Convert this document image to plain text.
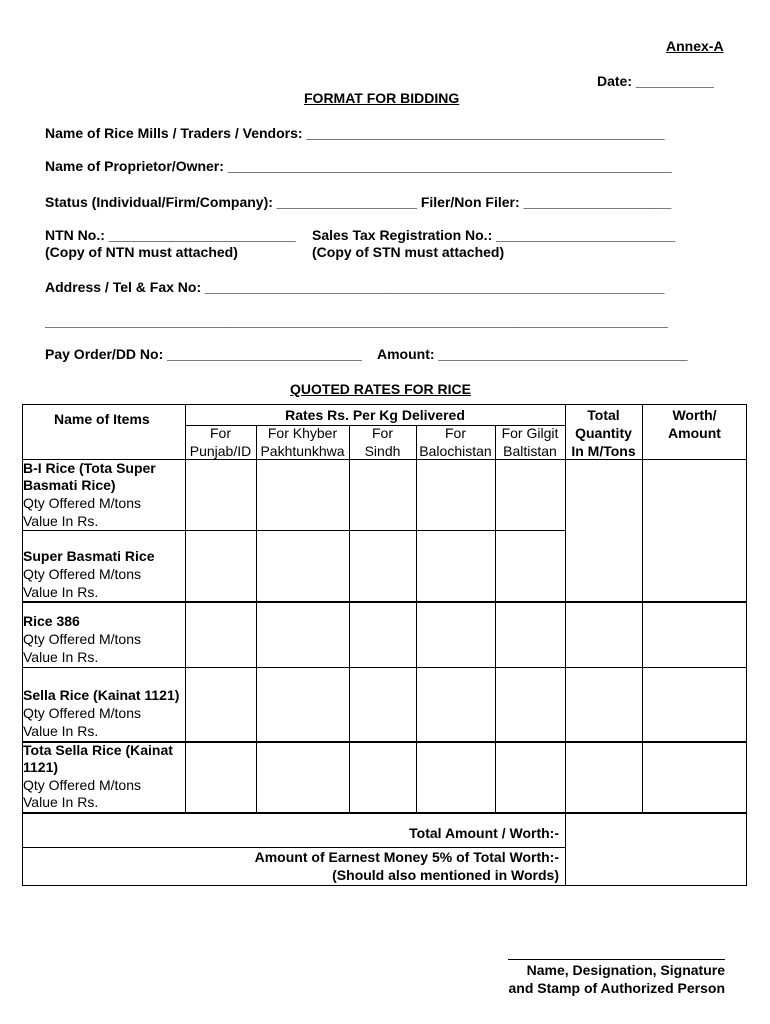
Annex-A
Date: __________
FORMAT FOR BIDDING
Name of Rice Mills / Traders / Vendors: ______________________________________________
Name of Proprietor/Owner: _________________________________________________________
Status (Individual/Firm/Company): __________________ Filer/Non Filer: ___________________
NTN No.: ________________________
(Copy of NTN must attached)
Sales Tax Registration No.: _______________________
(Copy of STN must attached)
Address / Tel & Fax No: ___________________________________________________________
________________________________________________________________________________
Pay Order/DD No: _________________________ Amount: ________________________________
QUOTED RATES FOR RICE
Name of Items	Rates Rs. Per Kg Delivered
For
Punjab/ID
For Khyber
Pakhtunkhwa
For
Sindh
For
Balochistan
For Gilgit
Baltistan
Total
Quantity
In M/Tons
Worth/
Amount
B-I Rice (Tota Super
Basmati Rice)
Qty Offered M/tons
Value In Rs.
Super Basmati Rice
Qty Offered M/tons
Value In Rs.
Rice 386
Qty Offered M/tons
Value In Rs.
Sella Rice (Kainat 1121)
Qty Offered M/tons
Value In Rs.
Tota Sella Rice (Kainat
1121)
Qty Offered M/tons
Value In Rs.
Total Amount / Worth:-
Amount of Earnest Money 5% of Total Worth:-
(Should also mentioned in Words)
Name, Designation, Signature
and Stamp of Authorized Person
